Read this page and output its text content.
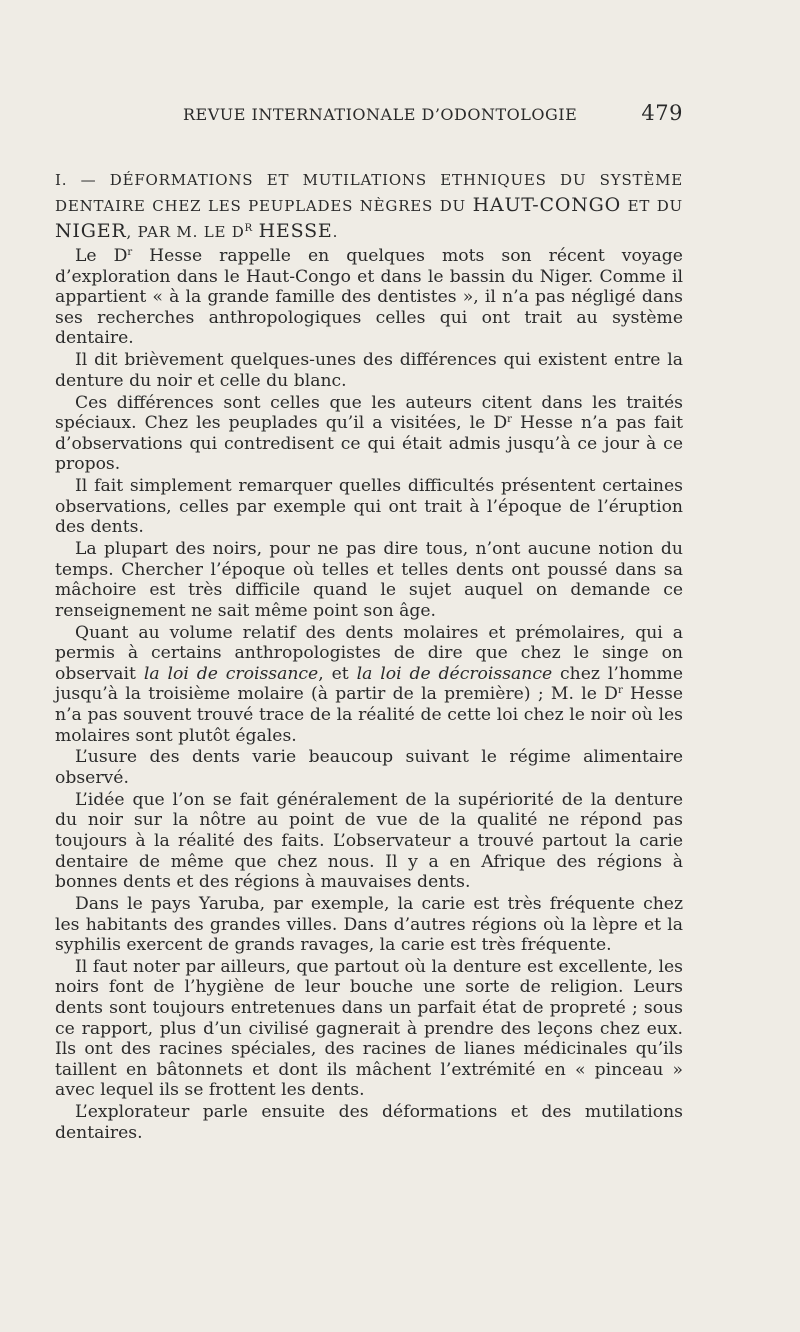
REVUE INTERNATIONALE D’ODONTOLOGIE	479
I. — DÉFORMATIONS ET MUTILATIONS ETHNIQUES DU SYSTÈME DENTAIRE CHEZ LES PEUPLADES NÈGRES DU HAUT-CONGO ET DU NIGER, PAR M. LE $D^R$ HESSE.

Le $D^r$ Hesse rappelle en quelques mots son récent voyage d’exploration dans le Haut-Congo et dans le bassin du Niger. Comme il appartient « à la grande famille des dentistes », il n’a pas négligé dans ses recherches anthropologiques celles qui ont trait au système dentaire.

Il dit brièvement quelques-unes des différences qui existent entre la denture du noir et celle du blanc.

Ces différences sont celles que les auteurs citent dans les traités spéciaux. Chez les peuplades qu’il a visitées, le $D^r$ Hesse n’a pas fait d’observations qui contredisent ce qui était admis jusqu’à ce jour à ce propos.

Il fait simplement remarquer quelles difficultés présentent certaines observations, celles par exemple qui ont trait à l’époque de l’éruption des dents.

La plupart des noirs, pour ne pas dire tous, n’ont aucune notion du temps. Chercher l’époque où telles et telles dents ont poussé dans sa mâchoire est très difficile quand le sujet auquel on demande ce renseignement ne sait même point son âge.

Quant au volume relatif des dents molaires et prémolaires, qui a permis à certains anthropologistes de dire que chez le singe on observait la loi de croissance, et la loi de décroissance chez l’homme jusqu’à la troisième molaire (à partir de la première) ; M. le $D^r$ Hesse n’a pas souvent trouvé trace de la réalité de cette loi chez le noir où les molaires sont plutôt égales.

L’usure des dents varie beaucoup suivant le régime alimentaire observé.

L’idée que l’on se fait généralement de la supériorité de la denture du noir sur la nôtre au point de vue de la qualité ne répond pas toujours à la réalité des faits. L’observateur a trouvé partout la carie dentaire de même que chez nous. Il y a en Afrique des régions à bonnes dents et des régions à mauvaises dents.

Dans le pays Yaruba, par exemple, la carie est très fréquente chez les habitants des grandes villes. Dans d’autres régions où la lèpre et la syphilis exercent de grands ravages, la carie est très fréquente.

Il faut noter par ailleurs, que partout où la denture est excellente, les noirs font de l’hygiène de leur bouche une sorte de religion. Leurs dents sont toujours entretenues dans un parfait état de propreté ; sous ce rapport, plus d’un civilisé gagnerait à prendre des leçons chez eux. Ils ont des racines spéciales, des racines de lianes médicinales qu’ils taillent en bâtonnets et dont ils mâchent l’extrémité en « pinceau » avec lequel ils se frottent les dents.

L’explorateur parle ensuite des déformations et des mutilations dentaires.
